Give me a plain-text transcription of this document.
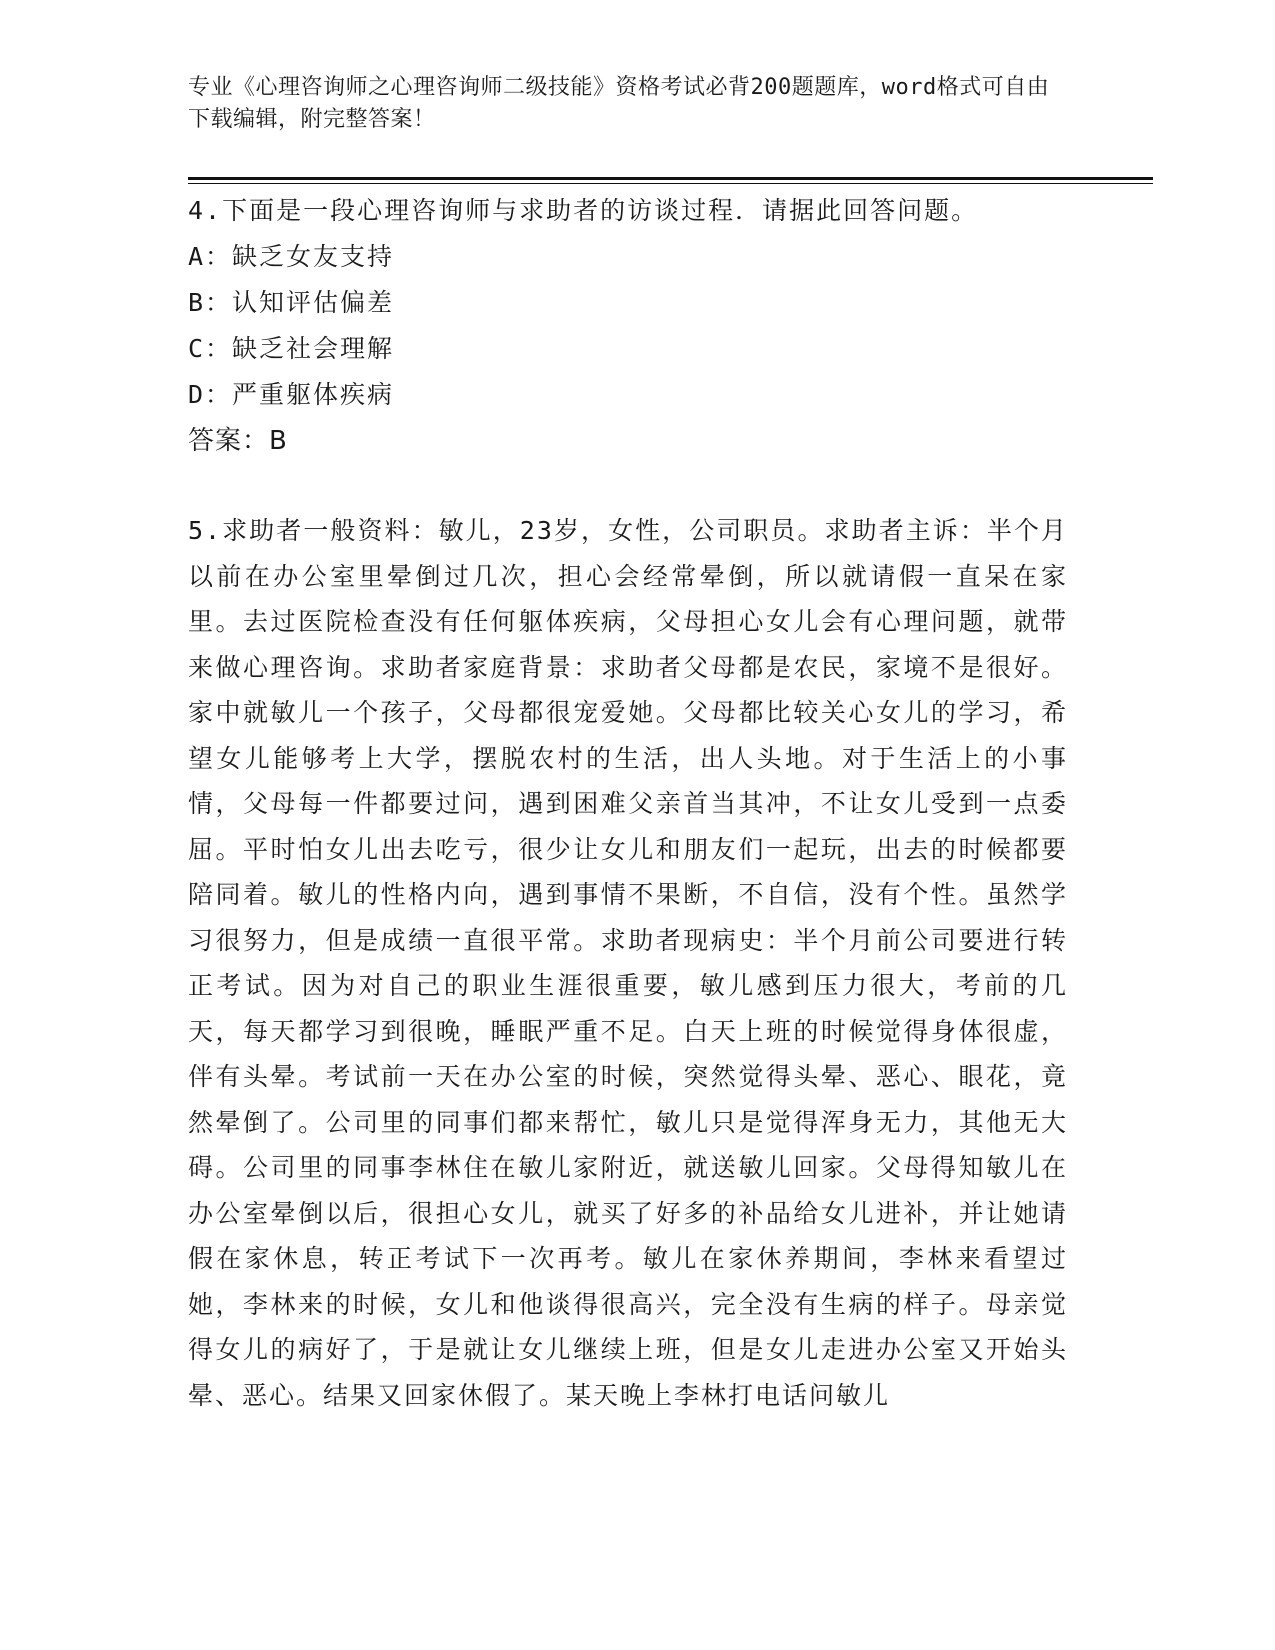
专业《心理咨询师之心理咨询师二级技能》资格考试必背200题题库，word格式可自由下载编辑，附完整答案！
4.下面是一段心理咨询师与求助者的访谈过程．请据此回答问题。
A：缺乏女友支持
B：认知评估偏差
C：缺乏社会理解
D：严重躯体疾病
答案：B
5.求助者一般资料：敏儿，23岁，女性，公司职员。求助者主诉：半个月以前在办公室里晕倒过几次，担心会经常晕倒，所以就请假一直呆在家里。去过医院检查没有任何躯体疾病，父母担心女儿会有心理问题，就带来做心理咨询。求助者家庭背景：求助者父母都是农民，家境不是很好。家中就敏儿一个孩子，父母都很宠爱她。父母都比较关心女儿的学习，希望女儿能够考上大学，摆脱农村的生活，出人头地。对于生活上的小事情，父母每一件都要过问，遇到困难父亲首当其冲，不让女儿受到一点委屈。平时怕女儿出去吃亏，很少让女儿和朋友们一起玩，出去的时候都要陪同着。敏儿的性格内向，遇到事情不果断，不自信，没有个性。虽然学习很努力，但是成绩一直很平常。求助者现病史：半个月前公司要进行转正考试。因为对自己的职业生涯很重要，敏儿感到压力很大，考前的几天，每天都学习到很晚，睡眠严重不足。白天上班的时候觉得身体很虚，伴有头晕。考试前一天在办公室的时候，突然觉得头晕、恶心、眼花，竟然晕倒了。公司里的同事们都来帮忙，敏儿只是觉得浑身无力，其他无大碍。公司里的同事李林住在敏儿家附近，就送敏儿回家。父母得知敏儿在办公室晕倒以后，很担心女儿，就买了好多的补品给女儿进补，并让她请假在家休息，转正考试下一次再考。敏儿在家休养期间，李林来看望过她，李林来的时候，女儿和他谈得很高兴，完全没有生病的样子。母亲觉得女儿的病好了，于是就让女儿继续上班，但是女儿走进办公室又开始头晕、恶心。结果又回家休假了。某天晚上李林打电话问敏儿
